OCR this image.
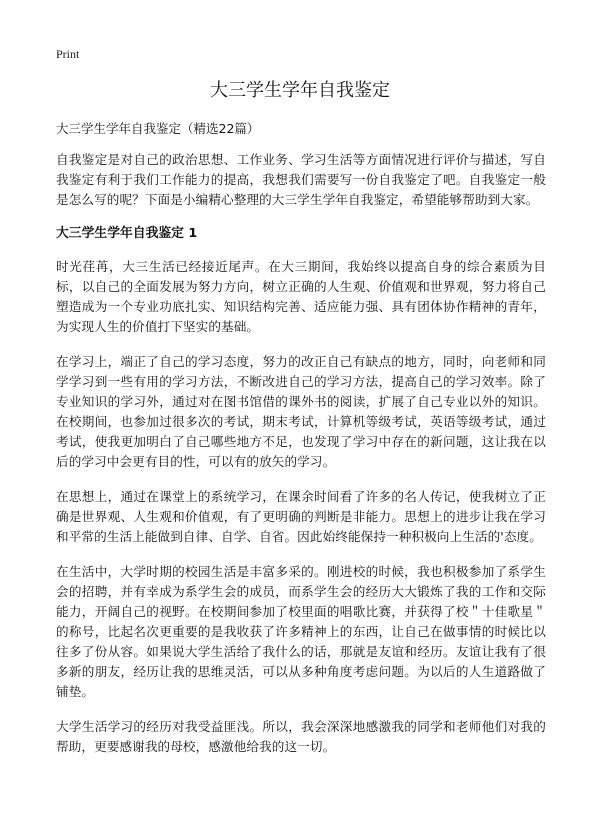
Print
大三学生学年自我鉴定

大三学生学年自我鉴定（精选22篇）

自我鉴定是对自己的政治思想、工作业务、学习生活等方面情况进行评价与描述，写自我鉴定有利于我们工作能力的提高，我想我们需要写一份自我鉴定了吧。自我鉴定一般是怎么写的呢？下面是小编精心整理的大三学生学年自我鉴定，希望能够帮助到大家。

大三学生学年自我鉴定 1

时光荏苒，大三生活已经接近尾声。在大三期间，我始终以提高自身的综合素质为目标，以自己的全面发展为努力方向，树立正确的人生观、价值观和世界观，努力将自己塑造成为一个专业功底扎实、知识结构完善、适应能力强、具有团体协作精神的青年，为实现人生的价值打下坚实的基础。

在学习上，端正了自己的学习态度，努力的改正自己有缺点的地方，同时，向老师和同学学习到一些有用的学习方法，不断改进自己的学习方法，提高自己的学习效率。除了专业知识的学习外，通过对在图书馆借的课外书的阅读，扩展了自己专业以外的知识。在校期间，也参加过很多次的考试，期末考试，计算机等级考试，英语等级考试，通过考试，使我更加明白了自己哪些地方不足，也发现了学习中存在的新问题，这让我在以后的学习中会更有目的性，可以有的放矢的学习。

在思想上，通过在课堂上的系统学习，在课余时间看了许多的名人传记，使我树立了正确是世界观、人生观和价值观，有了更明确的判断是非能力。思想上的进步让我在学习和平常的生活上能做到自律、自学、自省。因此始终能保持一种积极向上生活的'态度。

在生活中，大学时期的校园生活是丰富多采的。刚进校的时候，我也积极参加了系学生会的招聘，并有幸成为系学生会的成员，而系学生会的经历大大锻炼了我的工作和交际能力，开阔自己的视野。在校期间参加了校里面的唱歌比赛，并获得了校＂十佳歌星＂的称号，比起名次更重要的是我收获了许多精神上的东西，让自己在做事情的时候比以往多了份从容。如果说大学生活给了我什么的话，那就是友谊和经历。友谊让我有了很多新的朋友，经历让我的思维灵活，可以从多种角度考虑问题。为以后的人生道路做了铺垫。

大学生活学习的经历对我受益匪浅。所以，我会深深地感激我的同学和老师他们对我的帮助，更要感谢我的母校，感激他给我的这一切。
